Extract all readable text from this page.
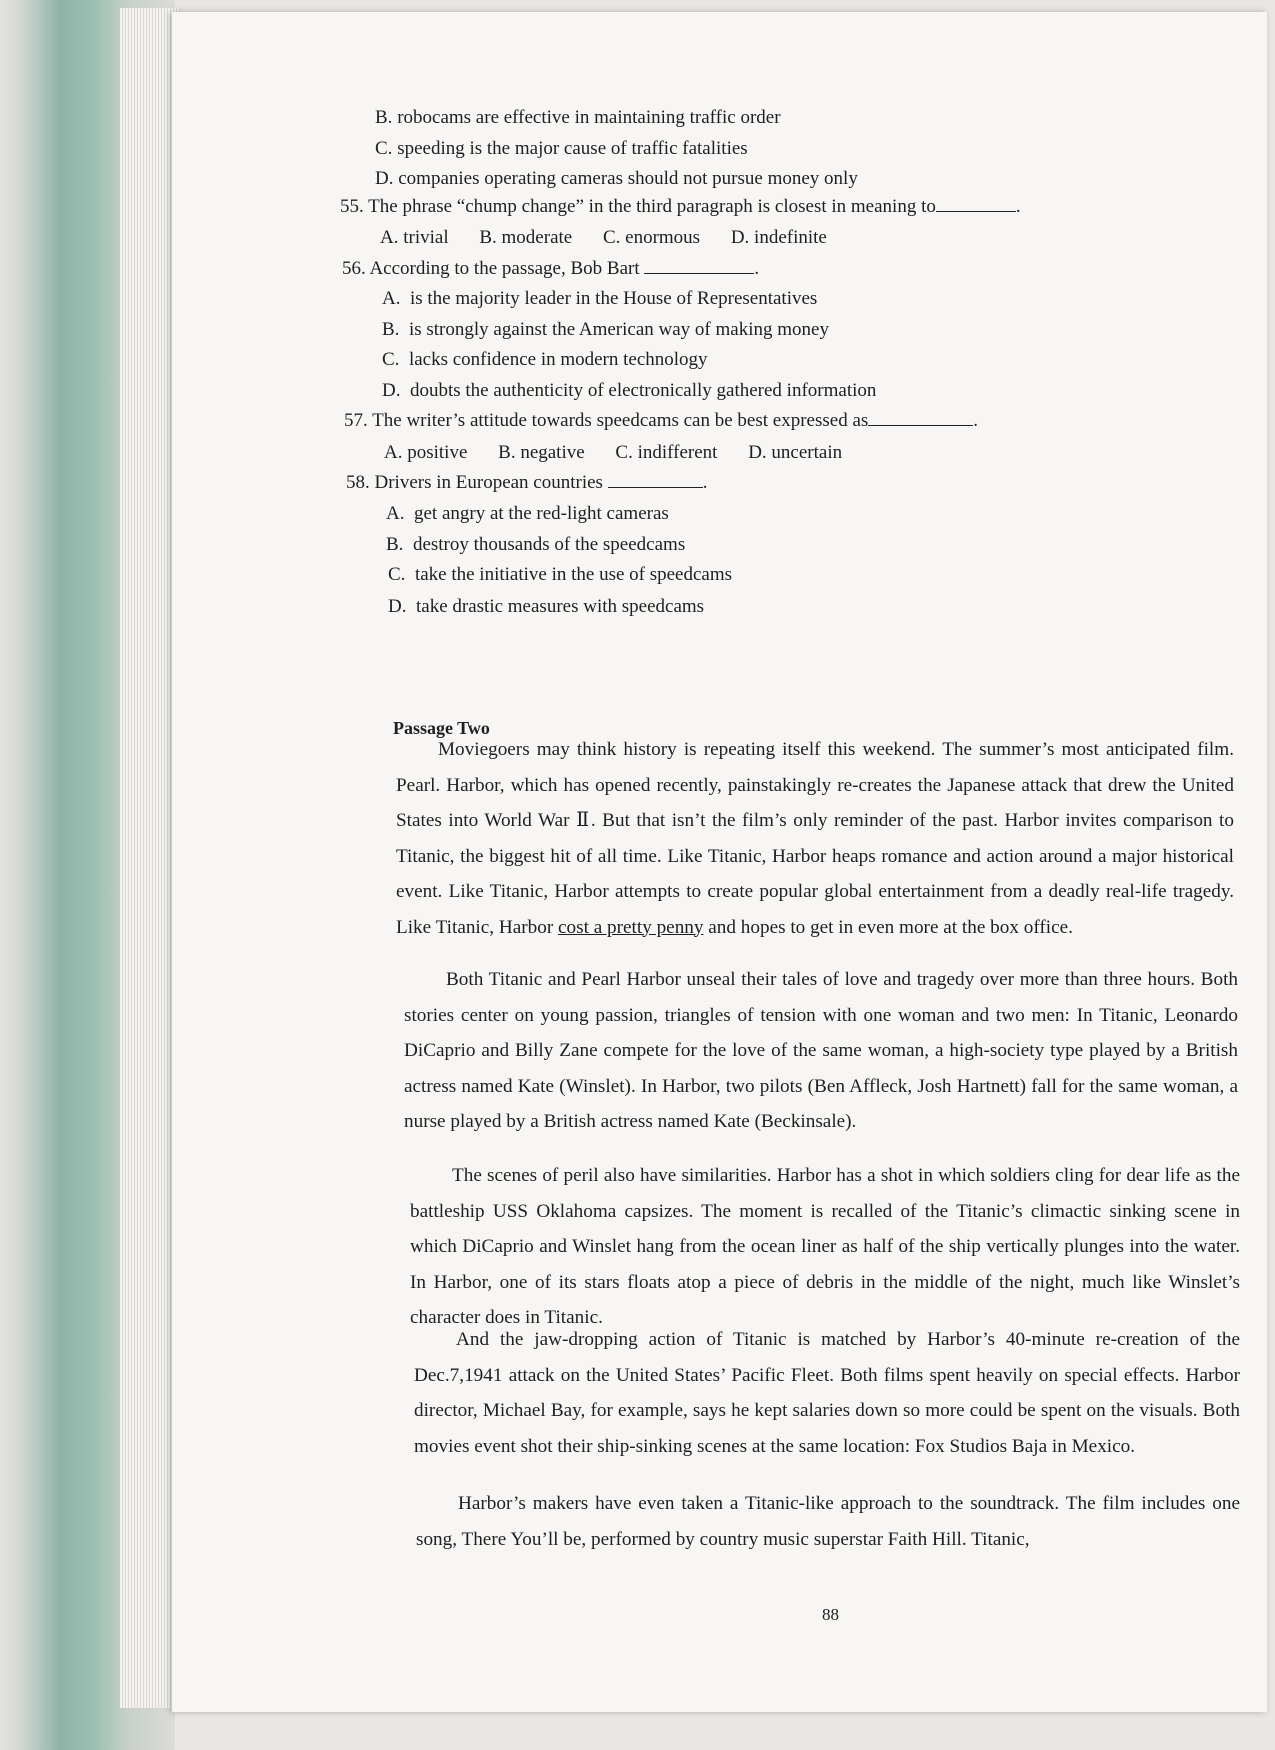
B. robocams are effective in maintaining traffic order
C. speeding is the major cause of traffic fatalities
D. companies operating cameras should not pursue money only
55. The phrase “chump change” in the third paragraph is closest in meaning to	.
A. trivial B. moderate C. enormous D. indefinite
56. According to the passage, Bob Bart	.
A. is the majority leader in the House of Representatives
B. is strongly against the American way of making money
C. lacks confidence in modern technology
D. doubts the authenticity of electronically gathered information
57. The writer’s attitude towards speedcams can be best expressed as	.
A. positive B. negative C. indifferent D. uncertain
58. Drivers in European countries	.
A. get angry at the red-light cameras
B. destroy thousands of the speedcams
C. take the initiative in the use of speedcams
D. take drastic measures with speedcams
Passage Two
Moviegoers may think history is repeating itself this weekend. The summer’s most anticipated film. Pearl. Harbor, which has opened recently, painstakingly re-creates the Japanese attack that drew the United States into World War Ⅱ. But that isn’t the film’s only reminder of the past. Harbor invites comparison to Titanic, the biggest hit of all time. Like Titanic, Harbor heaps romance and action around a major historical event. Like Titanic, Harbor attempts to create popular global entertainment from a deadly real-life tragedy. Like Titanic, Harbor cost a pretty penny and hopes to get in even more at the box office.
Both Titanic and Pearl Harbor unseal their tales of love and tragedy over more than three hours. Both stories center on young passion, triangles of tension with one woman and two men: In Titanic, Leonardo DiCaprio and Billy Zane compete for the love of the same woman, a high-society type played by a British actress named Kate (Winslet). In Harbor, two pilots (Ben Affleck, Josh Hartnett) fall for the same woman, a nurse played by a British actress named Kate (Beckinsale).
The scenes of peril also have similarities. Harbor has a shot in which soldiers cling for dear life as the battleship USS Oklahoma capsizes. The moment is recalled of the Titanic’s climactic sinking scene in which DiCaprio and Winslet hang from the ocean liner as half of the ship vertically plunges into the water. In Harbor, one of its stars floats atop a piece of debris in the middle of the night, much like Winslet’s character does in Titanic.
And the jaw-dropping action of Titanic is matched by Harbor’s 40-minute re-creation of the Dec.7,1941 attack on the United States’ Pacific Fleet. Both films spent heavily on special effects. Harbor director, Michael Bay, for example, says he kept salaries down so more could be spent on the visuals. Both movies event shot their ship-sinking scenes at the same location: Fox Studios Baja in Mexico.
Harbor’s makers have even taken a Titanic-like approach to the soundtrack. The film includes one song, There You’ll be, performed by country music superstar Faith Hill. Titanic,
88
